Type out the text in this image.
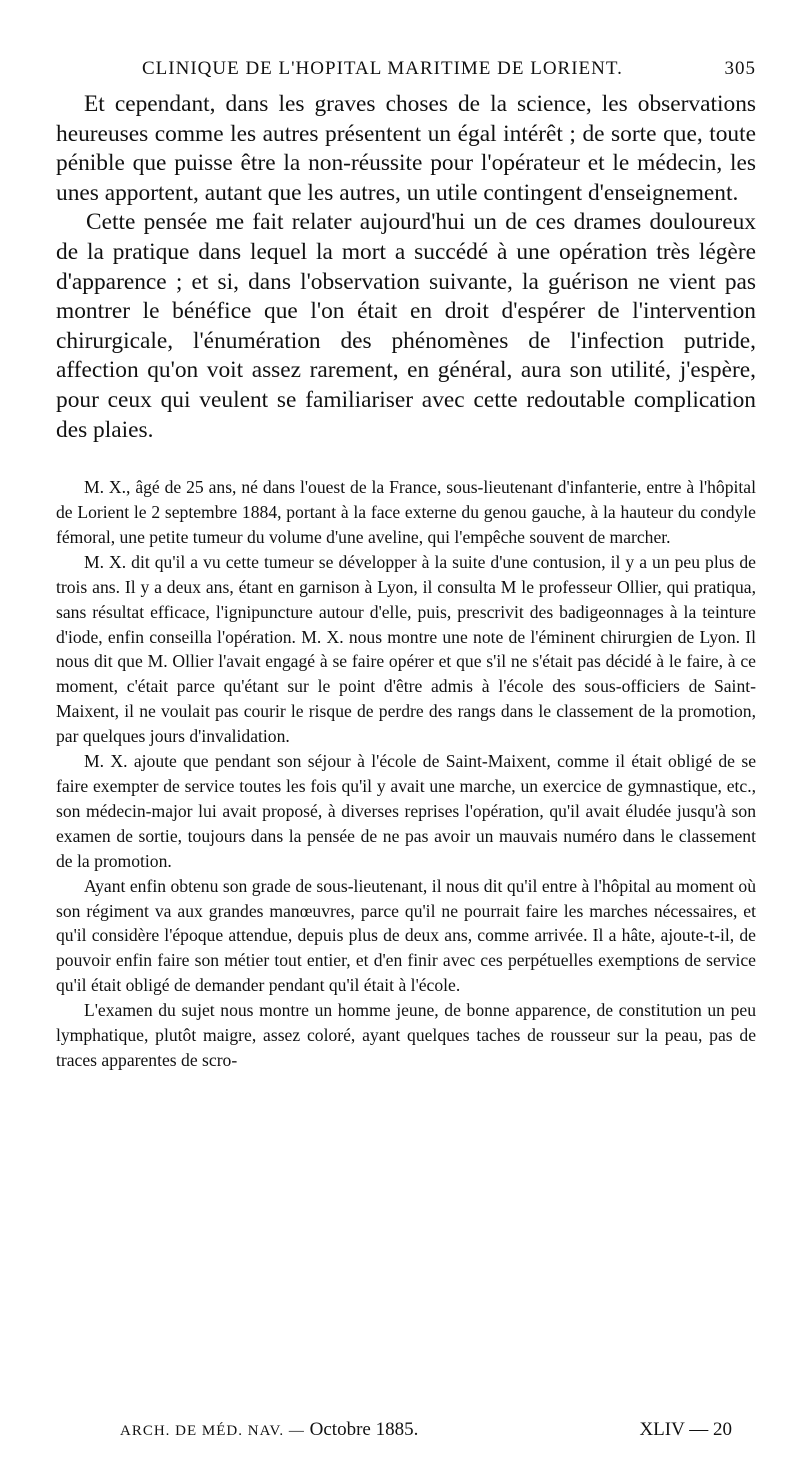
CLINIQUE DE L'HOPITAL MARITIME DE LORIENT.	305

Et cependant, dans les graves choses de la science, les observations heureuses comme les autres présentent un égal intérêt ; de sorte que, toute pénible que puisse être la non-réussite pour l'opérateur et le médecin, les unes apportent, autant que les autres, un utile contingent d'enseignement.

Cette pensée me fait relater aujourd'hui un de ces drames douloureux de la pratique dans lequel la mort a succédé à une opération très légère d'apparence ; et si, dans l'observation suivante, la guérison ne vient pas montrer le bénéfice que l'on était en droit d'espérer de l'intervention chirurgicale, l'énumération des phénomènes de l'infection putride, affection qu'on voit assez rarement, en général, aura son utilité, j'espère, pour ceux qui veulent se familiariser avec cette redoutable complication des plaies.

M. X., âgé de 25 ans, né dans l'ouest de la France, sous-lieutenant d'infanterie, entre à l'hôpital de Lorient le 2 septembre 1884, portant à la face externe du genou gauche, à la hauteur du condyle fémoral, une petite tumeur du volume d'une aveline, qui l'empêche souvent de marcher.

M. X. dit qu'il a vu cette tumeur se développer à la suite d'une contusion, il y a un peu plus de trois ans. Il y a deux ans, étant en garnison à Lyon, il consulta M le professeur Ollier, qui pratiqua, sans résultat efficace, l'ignipuncture autour d'elle, puis, prescrivit des badigeonnages à la teinture d'iode, enfin conseilla l'opération. M. X. nous montre une note de l'éminent chirurgien de Lyon. Il nous dit que M. Ollier l'avait engagé à se faire opérer et que s'il ne s'était pas décidé à le faire, à ce moment, c'était parce qu'étant sur le point d'être admis à l'école des sous-officiers de Saint-Maixent, il ne voulait pas courir le risque de perdre des rangs dans le classement de la promotion, par quelques jours d'invalidation.

M. X. ajoute que pendant son séjour à l'école de Saint-Maixent, comme il était obligé de se faire exempter de service toutes les fois qu'il y avait une marche, un exercice de gymnastique, etc., son médecin-major lui avait proposé, à diverses reprises l'opération, qu'il avait éludée jusqu'à son examen de sortie, toujours dans la pensée de ne pas avoir un mauvais numéro dans le classement de la promotion.

Ayant enfin obtenu son grade de sous-lieutenant, il nous dit qu'il entre à l'hôpital au moment où son régiment va aux grandes manœuvres, parce qu'il ne pourrait faire les marches nécessaires, et qu'il considère l'époque attendue, depuis plus de deux ans, comme arrivée. Il a hâte, ajoute-t-il, de pouvoir enfin faire son métier tout entier, et d'en finir avec ces perpétuelles exemptions de service qu'il était obligé de demander pendant qu'il était à l'école.

L'examen du sujet nous montre un homme jeune, de bonne apparence, de constitution un peu lymphatique, plutôt maigre, assez coloré, ayant quelques taches de rousseur sur la peau, pas de traces apparentes de scro-

ARCH. DE MÉD. NAV. — Octobre 1885.	XLIV — 20
